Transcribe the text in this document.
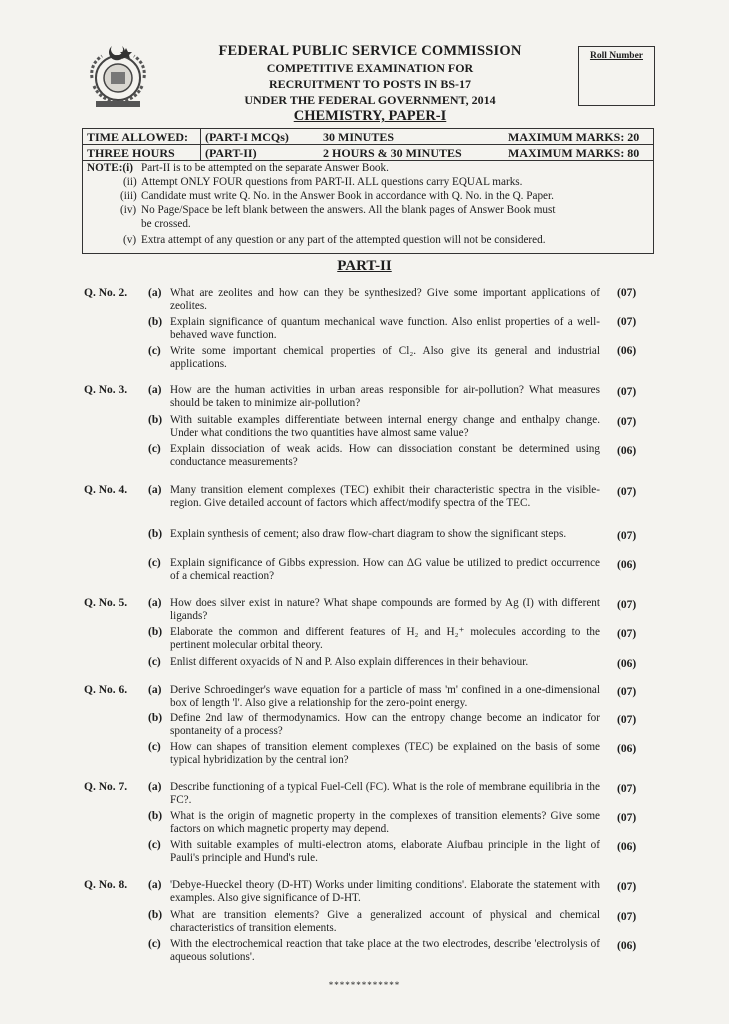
FEDERAL PUBLIC SERVICE COMMISSION
COMPETITIVE EXAMINATION FOR
RECRUITMENT TO POSTS IN BS-17
UNDER THE FEDERAL GOVERNMENT, 2014
CHEMISTRY, PAPER-I
Roll Number
TIME ALLOWED: (PART-I MCQs)	30 MINUTES	MAXIMUM MARKS: 20
THREE HOURS	(PART-II)	2 HOURS & 30 MINUTES	MAXIMUM MARKS: 80
NOTE:(i) Part-II is to be attempted on the separate Answer Book.
(ii) Attempt ONLY FOUR questions from PART-II. ALL questions carry EQUAL marks.
(iii) Candidate must write Q. No. in the Answer Book in accordance with Q. No. in the Q. Paper.
(iv) No Page/Space be left blank between the answers. All the blank pages of Answer Book must
be crossed.
(v) Extra attempt of any question or any part of the attempted question will not be considered.
PART-II
Q. No. 2. (a) What are zeolites and how can they be synthesized? Give some important applications of zeolites.
(07)
(b) Explain significance of quantum mechanical wave function. Also enlist properties of a well-behaved wave function.
(07)
(c) Write some important chemical properties of Cl₂. Also give its general and industrial applications.
(06)
Q. No. 3. (a) How are the human activities in urban areas responsible for air-pollution? What measures should be taken to minimize air-pollution?
(07)
(b) With suitable examples differentiate between internal energy change and enthalpy change. Under what conditions the two quantities have almost same value?
(07)
(c) Explain dissociation of weak acids. How can dissociation constant be determined using conductance measurements?
(06)
Q. No. 4. (a) Many transition element complexes (TEC) exhibit their characteristic spectra in the visible-region. Give detailed account of factors which affect/modify spectra of the TEC.
(07)
(b) Explain synthesis of cement; also draw flow-chart diagram to show the significant steps.	(07)
(c) Explain significance of Gibbs expression. How can ΔG value be utilized to predict occurrence of a chemical reaction?
(06)
Q. No. 5. (a) How does silver exist in nature? What shape compounds are formed by Ag (I) with different ligands?
(07)
(b) Elaborate the common and different features of H₂ and H₂⁺ molecules according to the pertinent molecular orbital theory.
(07)
(c) Enlist different oxyacids of N and P. Also explain differences in their behaviour.	(06)
Q. No. 6. (a) Derive Schroedinger's wave equation for a particle of mass 'm' confined in a one-dimensional box of length 'l'. Also give a relationship for the zero-point energy.
(07)
(b) Define 2nd law of thermodynamics. How can the entropy change become an indicator for spontaneity of a process?
(07)
(c) How can shapes of transition element complexes (TEC) be explained on the basis of some typical hybridization by the central ion?
(06)
Q. No. 7. (a) Describe functioning of a typical Fuel-Cell (FC). What is the role of membrane equilibria in the FC?.
(07)
(b) What is the origin of magnetic property in the complexes of transition elements? Give some factors on which magnetic property may depend.
(07)
(c) With suitable examples of multi-electron atoms, elaborate Aiufbau principle in the light of Pauli's principle and Hund's rule.
(06)
Q. No. 8. (a) 'Debye-Hueckel theory (D-HT) Works under limiting conditions'. Elaborate the statement with examples. Also give significance of D-HT.
(07)
(b) What are transition elements? Give a generalized account of physical and chemical characteristics of transition elements.
(07)
(c) With the electrochemical reaction that take place at the two electrodes, describe 'electrolysis of aqueous solutions'.
(06)
*************
